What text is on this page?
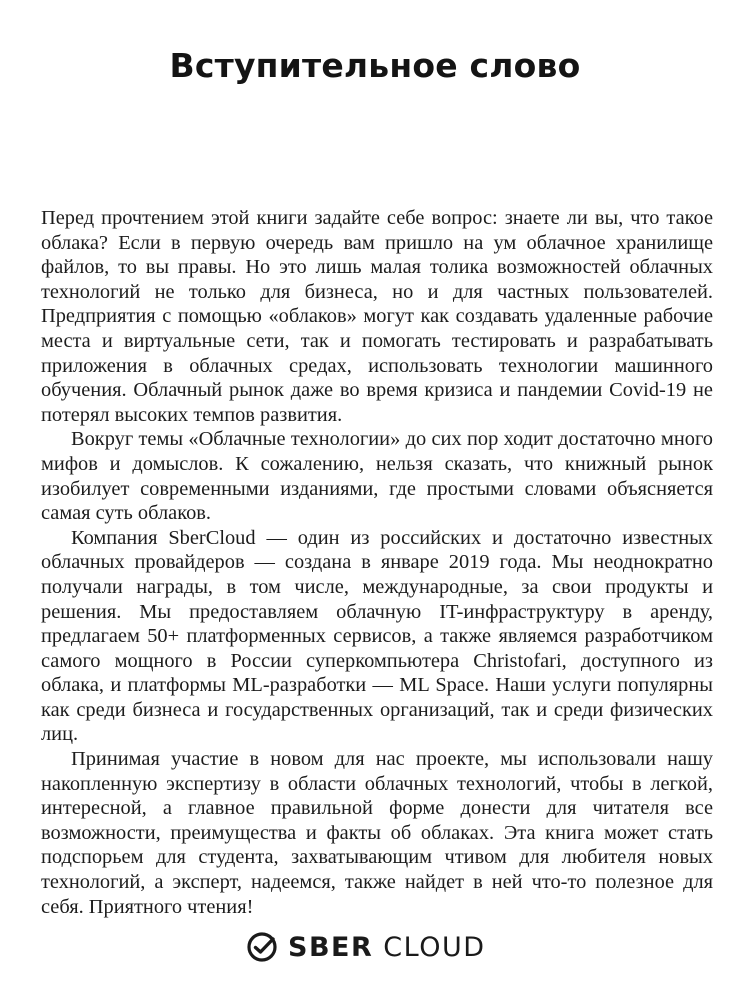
Вступительное слово

Перед прочтением этой книги задайте себе вопрос: знаете ли вы, что такое облака? Если в первую очередь вам пришло на ум облачное хранилище файлов, то вы правы. Но это лишь малая толика возможностей облачных технологий не только для бизнеса, но и для частных пользователей. Предприятия с помощью «облаков» могут как создавать удаленные рабочие места и виртуальные сети, так и помогать тестировать и разрабатывать приложения в облачных средах, использовать технологии машинного обучения. Облачный рынок даже во время кризиса и пандемии Covid-19 не потерял высоких темпов развития.

Вокруг темы «Облачные технологии» до сих пор ходит достаточно много мифов и домыслов. К сожалению, нельзя сказать, что книжный рынок изобилует современными изданиями, где простыми словами объясняется самая суть облаков.

Компания SberCloud — один из российских и достаточно известных облачных провайдеров — создана в январе 2019 года. Мы неоднократно получали награды, в том числе, международные, за свои продукты и решения. Мы предоставляем облачную IT-инфраструктуру в аренду, предлагаем 50+ платформенных сервисов, а также являемся разработчиком самого мощного в России суперкомпьютера Christofari, доступного из облака, и платформы ML-разработки — ML Space. Наши услуги популярны как среди бизнеса и государственных организаций, так и среди физических лиц.

Принимая участие в новом для нас проекте, мы использовали нашу накопленную экспертизу в области облачных технологий, чтобы в легкой, интересной, а главное правильной форме донести для читателя все возможности, преимущества и факты об облаках. Эта книга может стать подспорьем для студента, захватывающим чтивом для любителя новых технологий, а эксперт, надеемся, также найдет в ней что-то полезное для себя. Приятного чтения!

SBER CLOUD
